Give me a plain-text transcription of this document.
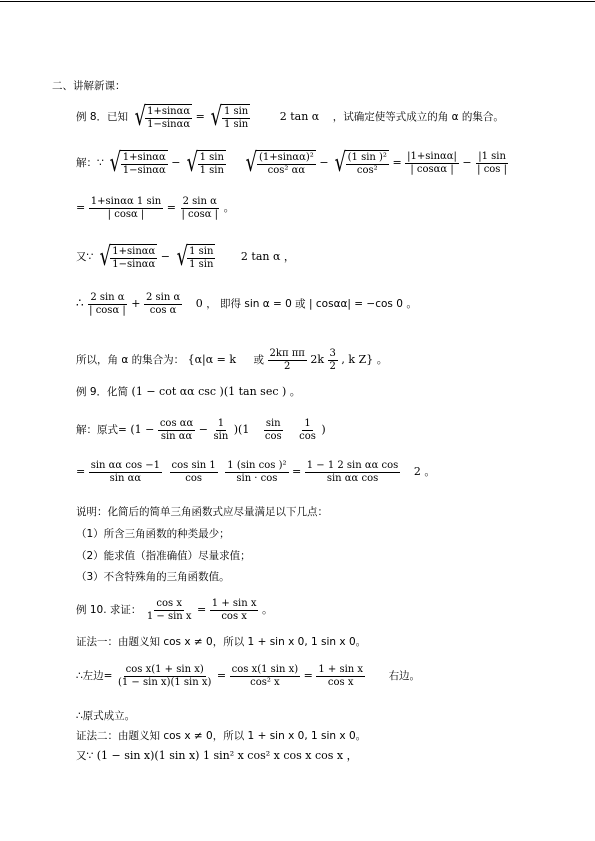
二、讲解新课：
例 8．已知 √ $\frac{1+\sin\alpha\alpha}{1-\sin\alpha\alpha}$ = √ $\frac{1 \sin}{1 \sin}$	2 tan α ，试确定使等式成立的角 α 的集合。
解：∵ √ $\frac{1+\sin\alpha\alpha}{1-\sin\alpha\alpha}$ − √ $\frac{1 \sin}{1 \sin}$
√ $\frac{\text{(1+sinαα)²}}{\text{cos² αα}}$ − √ $\frac{\text{(1 sin )²}}{\text{cos²}} = \frac{|1+\sin\alpha\alpha|}{| \cos\alpha\alpha |} - \frac{|1 \sin}{| \cos |}$
= $\frac{1+\sin\alpha\alpha 1 \sin}{| \cos\alpha |} = \frac{\text{2 sin α}}{| \cos\alpha |}$ 。
又∵ √ $\frac{1+\sin\alpha\alpha}{1-\sin\alpha\alpha}$ − √ $\frac{1 \sin}{1 \sin} 2$ tan α ，
∴ $\frac{\text{2 sin α}}{| \cos\alpha |} + \frac{\text{2 sin α}}{\text{cos α}} 0$ ， 即得 sin α = 0 或 | cosαα| = −cos 0 。
所以，角 α 的集合为： {α|α = k 或 $\frac{\text{2kπ ππ}}{2} 2k \frac{3}{2}$ , k Z} 。
例 9．化简 (1 − cot αα csc )(1 tan sec ) 。
解：原式= $(1 - \frac{\text{cos αα}}{\text{sin αα}} - \frac{1}{\sin} )(1 \frac{\sin}{\cos}$
$\frac{1}{\cos}$ )
= $\frac{\text{sin αα cos −1}}{\text{sin αα}}$
$\frac{\text{cos sin 1}}{\cos}$
$\frac{\text{1 (sin cos )²}}{\sin \cdot \cos} = \frac{\text{1 − 1 2 sin αα cos}}{\text{sin αα cos}} 2$ 。
说明：化简后的简单三角函数式应尽量满足以下几点：
（1）所含三角函数的种类最少；
（2）能求值（指准确值）尽量求值；
（3）不含特殊角的三角函数值。
例 10. 求证： $\frac{\text{cos x}}{\text{1 − sin x}} = \frac{\text{1 + sin x}}{\text{cos x}}$ 。
证法一：由题义知 cos x ≠ 0，所以 1 + sin x 0, 1 sin x 0。
∴左边= $\frac{\text{cos x(1 + sin x)}}{\text{(1 − sin x)(1 sin x)}} = \frac{\text{cos x(1 sin x)}}{\text{cos² x}} = \frac{\text{1 + sin x}}{\text{cos x}}$ 右边。
∴原式成立。
证法二：由题义知 cos x ≠ 0，所以 1 + sin x 0, 1 sin x 0。
又∵ (1 − sin x)(1 sin x) 1 sin² x cos² x cos x cos x ，
